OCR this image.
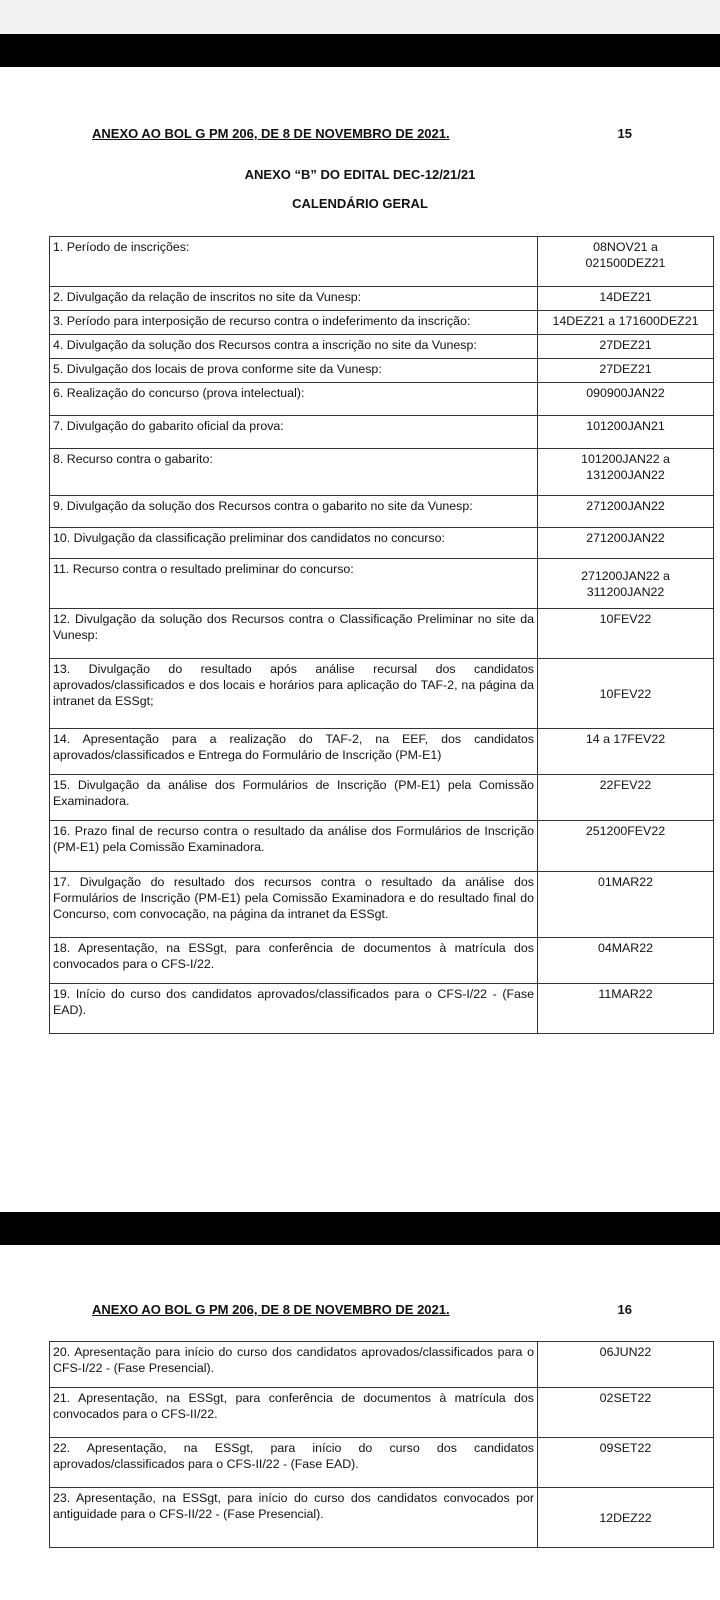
ANEXO AO BOL G PM 206, DE 8 DE NOVEMBRO DE 2021.	15
ANEXO “B” DO EDITAL DEC-12/21/21
CALENDÁRIO GERAL
1. Período de inscrições:	08NOV21 a
021500DEZ21
2. Divulgação da relação de inscritos no site da Vunesp:	14DEZ21
3. Período para interposição de recurso contra o indeferimento da inscrição:	14DEZ21 a 171600DEZ21
4. Divulgação da solução dos Recursos contra a inscrição no site da Vunesp:	27DEZ21
5. Divulgação dos locais de prova conforme site da Vunesp:	27DEZ21
6. Realização do concurso (prova intelectual):	090900JAN22
7. Divulgação do gabarito oficial da prova:	101200JAN21
8. Recurso contra o gabarito:	101200JAN22 a
131200JAN22
9. Divulgação da solução dos Recursos contra o gabarito no site da Vunesp:	271200JAN22
10. Divulgação da classificação preliminar dos candidatos no concurso:	271200JAN22
11. Recurso contra o resultado preliminar do concurso:	271200JAN22 a
311200JAN22
12. Divulgação da solução dos Recursos contra o Classificação Preliminar no site da Vunesp:	10FEV22
13. Divulgação do resultado após análise recursal dos candidatos aprovados/classificados e dos locais e horários para aplicação do TAF-2, na página da intranet da ESSgt;	10FEV22
14. Apresentação para a realização do TAF-2, na EEF, dos candidatos aprovados/classificados e Entrega do Formulário de Inscrição (PM-E1)	14 a 17FEV22
15. Divulgação da análise dos Formulários de Inscrição (PM-E1) pela Comissão Examinadora.	22FEV22
16. Prazo final de recurso contra o resultado da análise dos Formulários de Inscrição (PM-E1) pela Comissão Examinadora.	251200FEV22
17. Divulgação do resultado dos recursos contra o resultado da análise dos Formulários de Inscrição (PM-E1) pela Comissão Examinadora e do resultado final do Concurso, com convocação, na página da intranet da ESSgt.	01MAR22
18. Apresentação, na ESSgt, para conferência de documentos à matrícula dos convocados para o CFS-I/22.	04MAR22
19. Início do curso dos candidatos aprovados/classificados para o CFS-I/22 - (Fase EAD).	11MAR22
ANEXO AO BOL G PM 206, DE 8 DE NOVEMBRO DE 2021.	16
20. Apresentação para início do curso dos candidatos aprovados/classificados para o CFS-I/22 - (Fase Presencial).	06JUN22
21. Apresentação, na ESSgt, para conferência de documentos à matrícula dos convocados para o CFS-II/22.	02SET22
22. Apresentação, na ESSgt, para início do curso dos candidatos aprovados/classificados para o CFS-II/22 - (Fase EAD).	09SET22
23. Apresentação, na ESSgt, para início do curso dos candidatos convocados por antiguidade para o CFS-II/22 - (Fase Presencial).	12DEZ22
